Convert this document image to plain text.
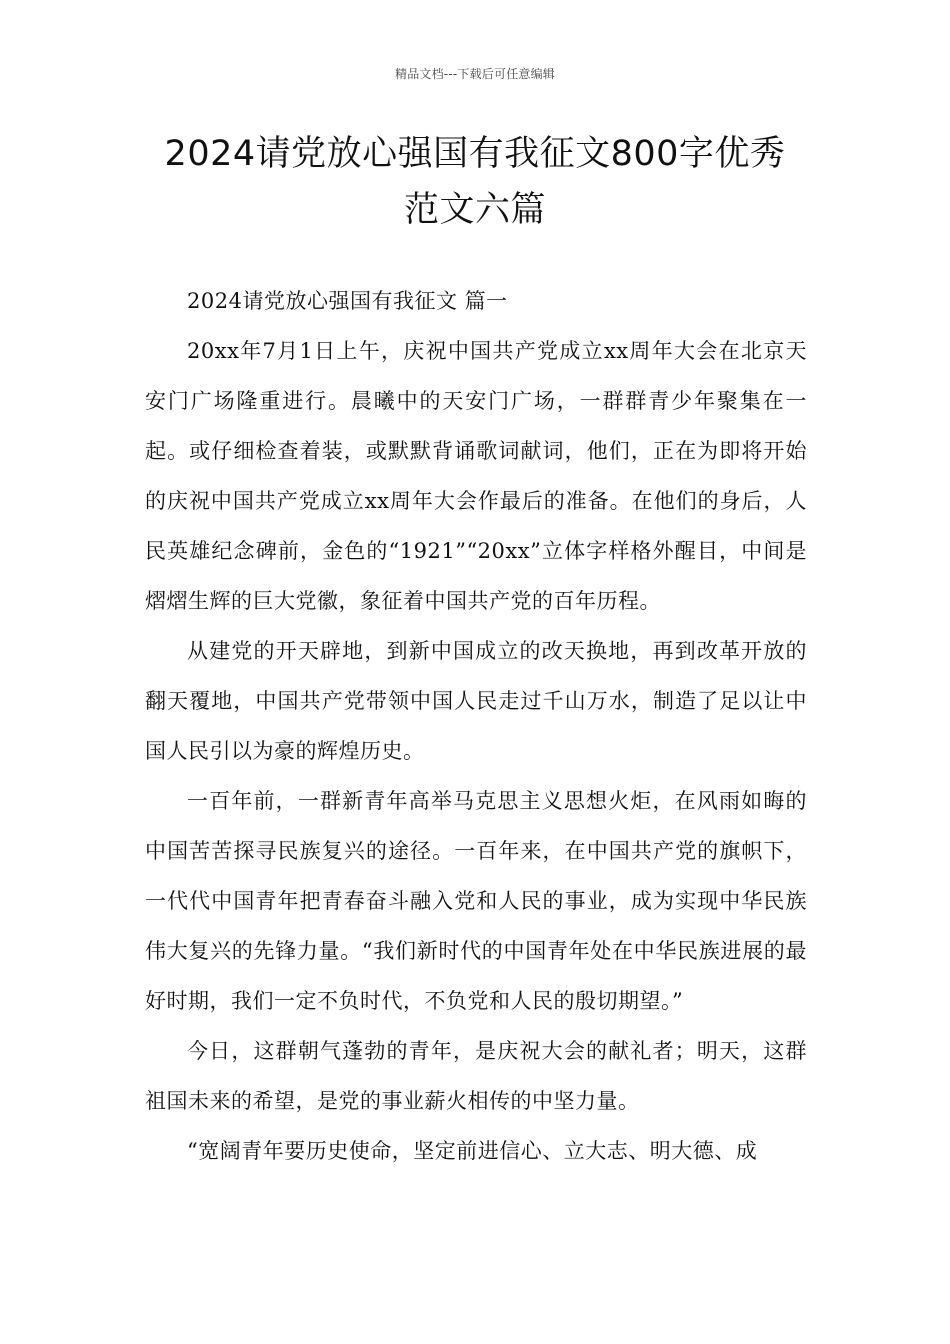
精品文档---下载后可任意编辑
2024请党放心强国有我征文800字优秀
范文六篇

2024请党放心强国有我征文 篇一

20xx年7月1日上午，庆祝中国共产党成立xx周年大会在北京天安门广场隆重进行。晨曦中的天安门广场，一群群青少年聚集在一起。或仔细检查着装，或默默背诵歌词献词，他们，正在为即将开始的庆祝中国共产党成立xx周年大会作最后的准备。在他们的身后，人民英雄纪念碑前，金色的“1921”“20xx”立体字样格外醒目，中间是熠熠生辉的巨大党徽，象征着中国共产党的百年历程。

从建党的开天辟地，到新中国成立的改天换地，再到改革开放的翻天覆地，中国共产党带领中国人民走过千山万水，制造了足以让中国人民引以为豪的辉煌历史。

一百年前，一群新青年高举马克思主义思想火炬，在风雨如晦的中国苦苦探寻民族复兴的途径。一百年来，在中国共产党的旗帜下，一代代中国青年把青春奋斗融入党和人民的事业，成为实现中华民族伟大复兴的先锋力量。“我们新时代的中国青年处在中华民族进展的最好时期，我们一定不负时代，不负党和人民的殷切期望。”

今日，这群朝气蓬勃的青年，是庆祝大会的献礼者；明天，这群祖国未来的希望，是党的事业薪火相传的中坚力量。

“宽阔青年要历史使命，坚定前进信心、立大志、明大德、成
